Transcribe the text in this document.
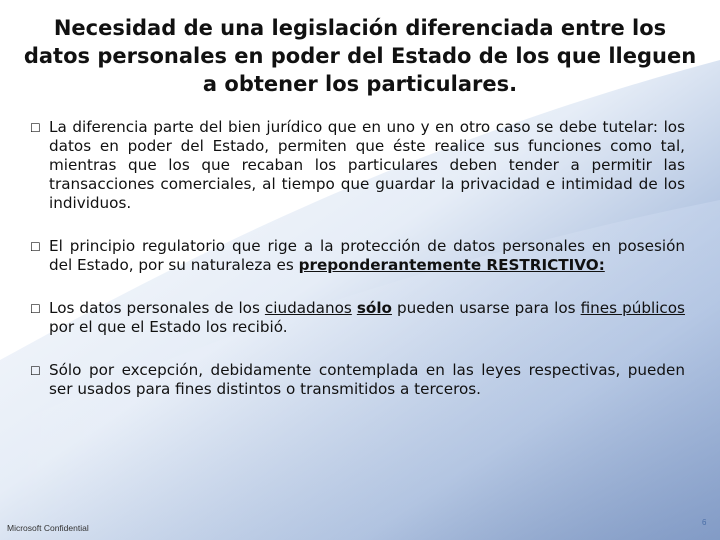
Necesidad de una legislación diferenciada entre los datos personales en poder del Estado de los que lleguen a obtener los particulares.
☐ La diferencia parte del bien jurídico que en uno y en otro caso se debe tutelar: los datos en poder del Estado, permiten que éste realice sus funciones como tal, mientras que los que recaban los particulares deben tender a permitir las transacciones comerciales, al tiempo que guardar la privacidad e intimidad de los individuos.
☐ El principio regulatorio que rige a la protección de datos personales en posesión del Estado, por su naturaleza es preponderantemente RESTRICTIVO:
☐ Los datos personales de los ciudadanos sólo pueden usarse para los fines públicos por el que el Estado los recibió.
☐ Sólo por excepción, debidamente contemplada en las leyes respectivas, pueden ser usados para fines distintos o transmitidos a terceros.
Microsoft Confidential
6
